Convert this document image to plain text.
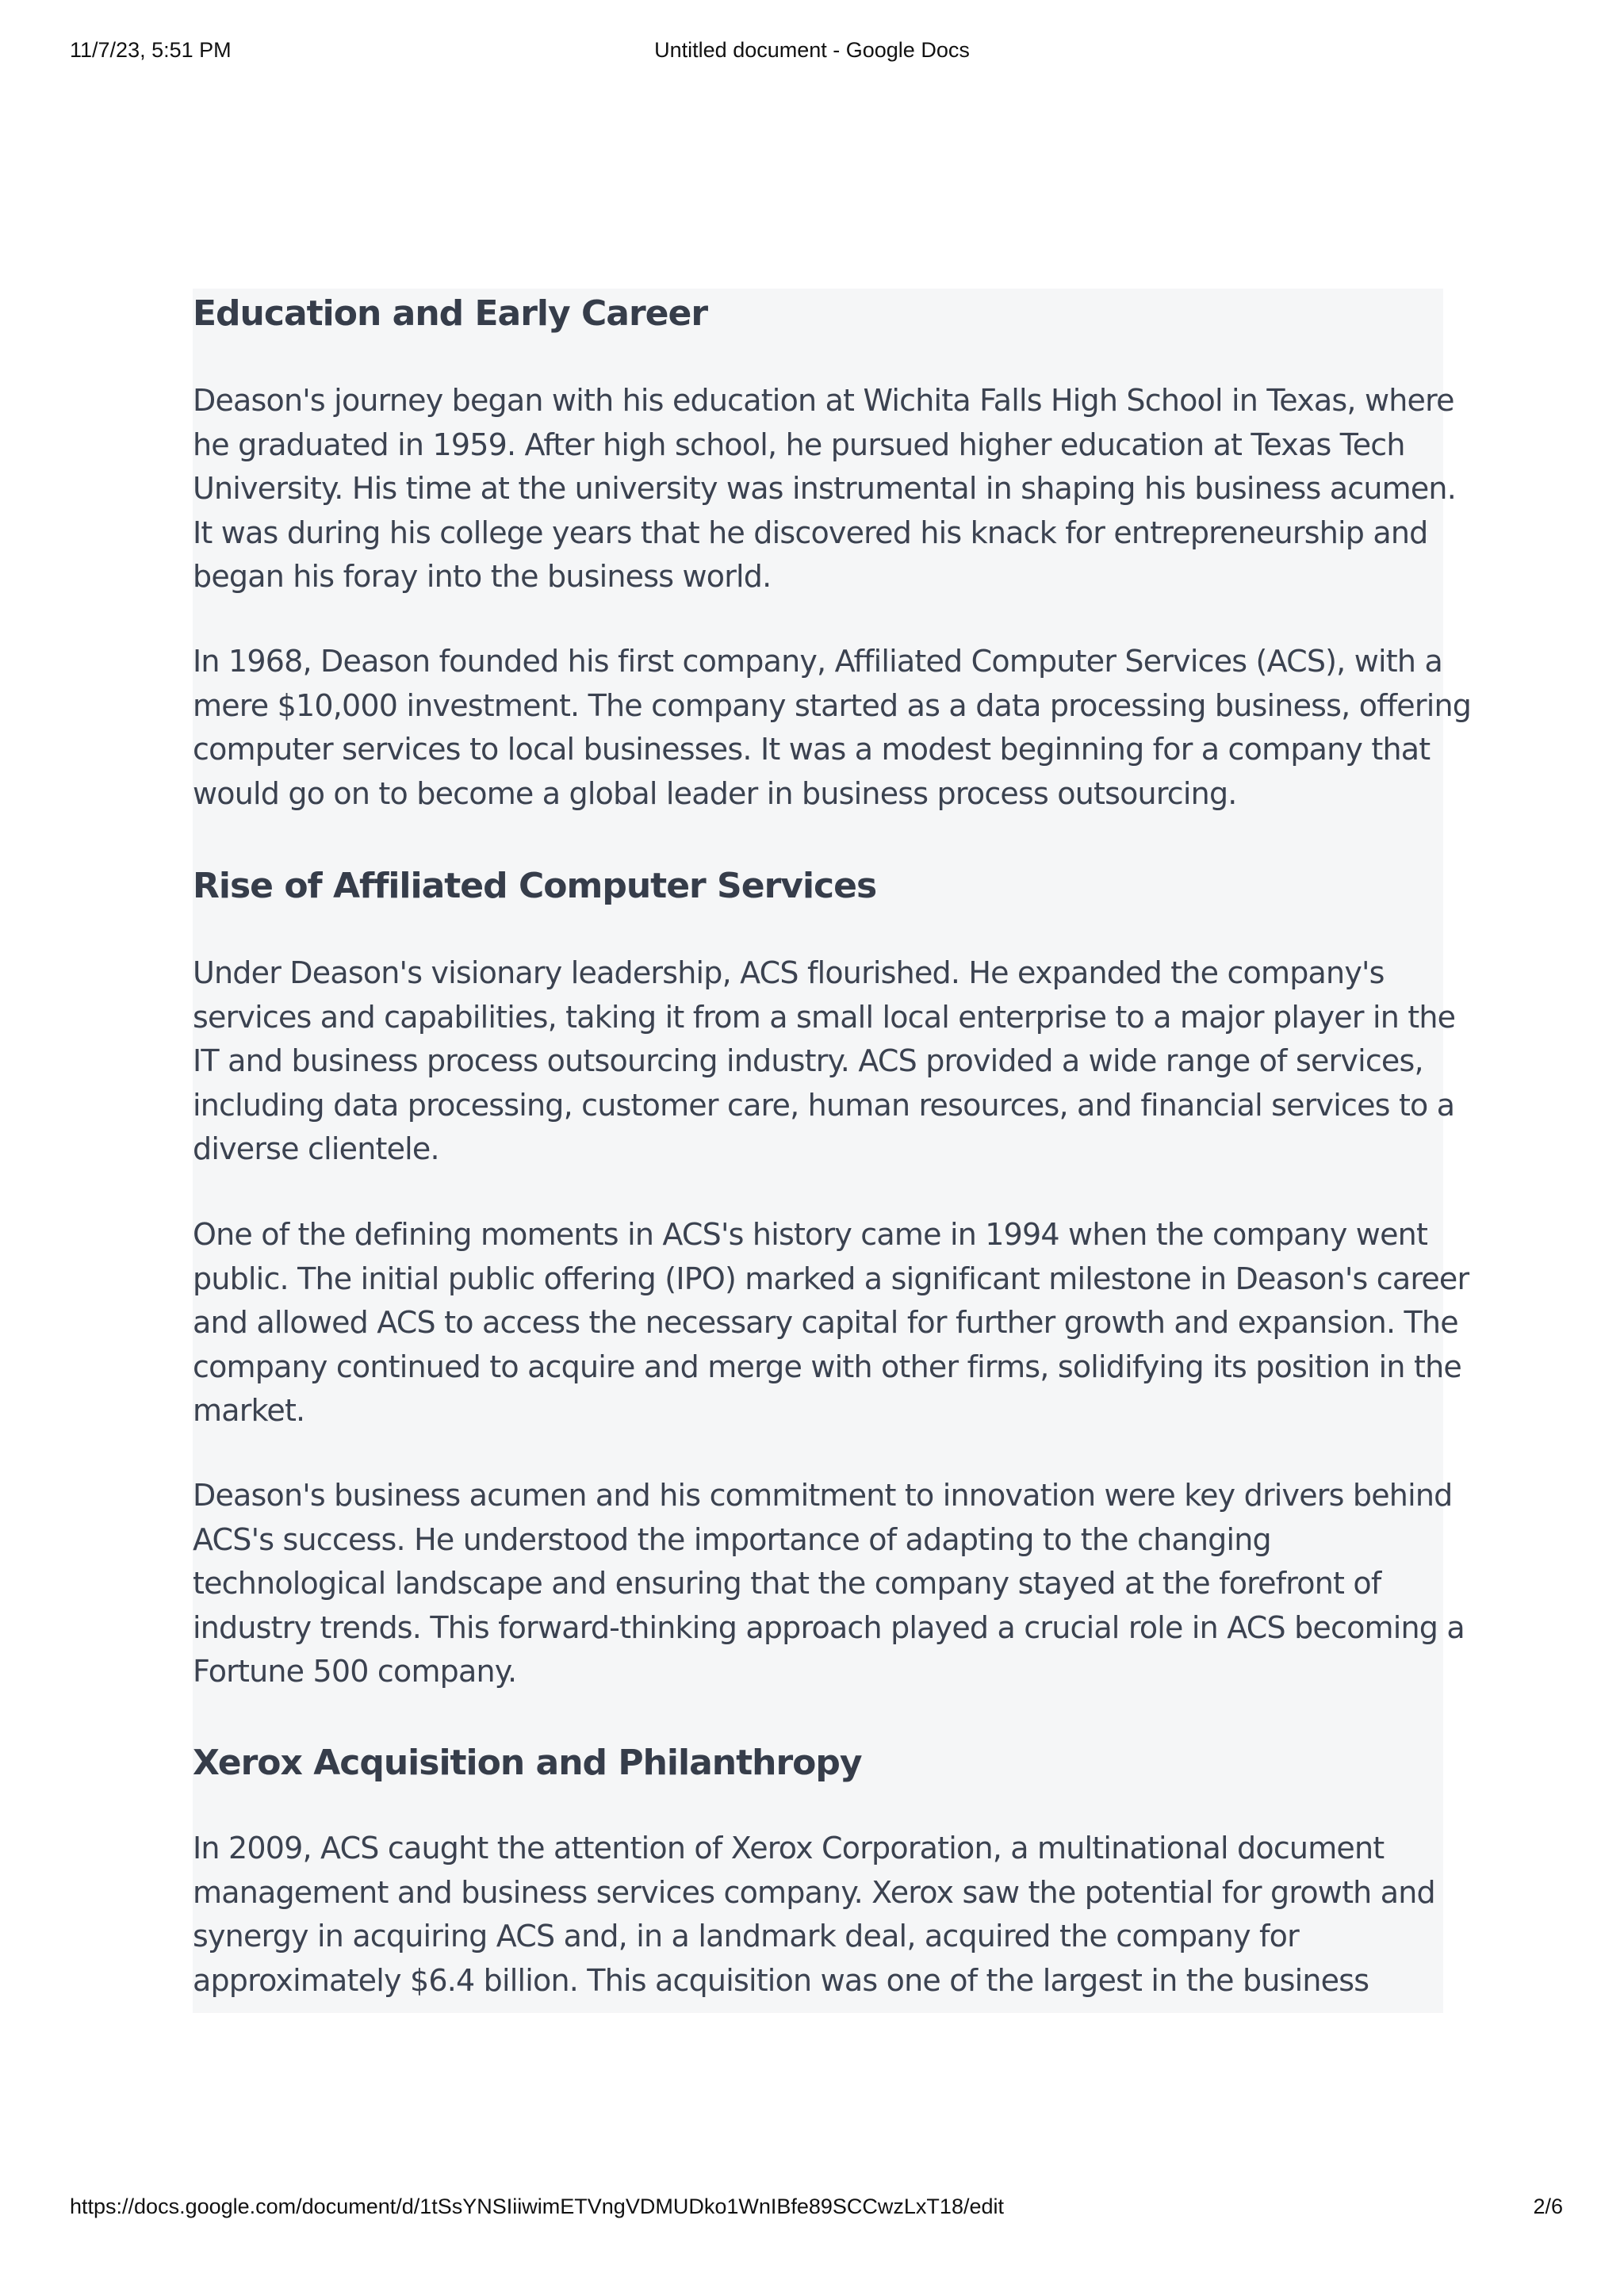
Untitled document - Google Docs
11/7/23, 5:51 PM
Education and Early Career

Deason's journey began with his education at Wichita Falls High School in Texas, where
he graduated in 1959. After high school, he pursued higher education at Texas Tech
University. His time at the university was instrumental in shaping his business acumen.
It was during his college years that he discovered his knack for entrepreneurship and
began his foray into the business world.

In 1968, Deason founded his first company, Affiliated Computer Services (ACS), with a
mere $10,000 investment. The company started as a data processing business, offering
computer services to local businesses. It was a modest beginning for a company that
would go on to become a global leader in business process outsourcing.

Rise of Affiliated Computer Services

Under Deason's visionary leadership, ACS flourished. He expanded the company's
services and capabilities, taking it from a small local enterprise to a major player in the
IT and business process outsourcing industry. ACS provided a wide range of services,
including data processing, customer care, human resources, and financial services to a
diverse clientele.

One of the defining moments in ACS's history came in 1994 when the company went
public. The initial public offering (IPO) marked a significant milestone in Deason's career
and allowed ACS to access the necessary capital for further growth and expansion. The
company continued to acquire and merge with other firms, solidifying its position in the
market.

Deason's business acumen and his commitment to innovation were key drivers behind
ACS's success. He understood the importance of adapting to the changing
technological landscape and ensuring that the company stayed at the forefront of
industry trends. This forward-thinking approach played a crucial role in ACS becoming a
Fortune 500 company.

Xerox Acquisition and Philanthropy

In 2009, ACS caught the attention of Xerox Corporation, a multinational document
management and business services company. Xerox saw the potential for growth and
synergy in acquiring ACS and, in a landmark deal, acquired the company for
approximately $6.4 billion. This acquisition was one of the largest in the business

https://docs.google.com/document/d/1tSsYNSIiiwimETVngVDMUDko1WnIBfe89SCCwzLxT18/edit	2/6
